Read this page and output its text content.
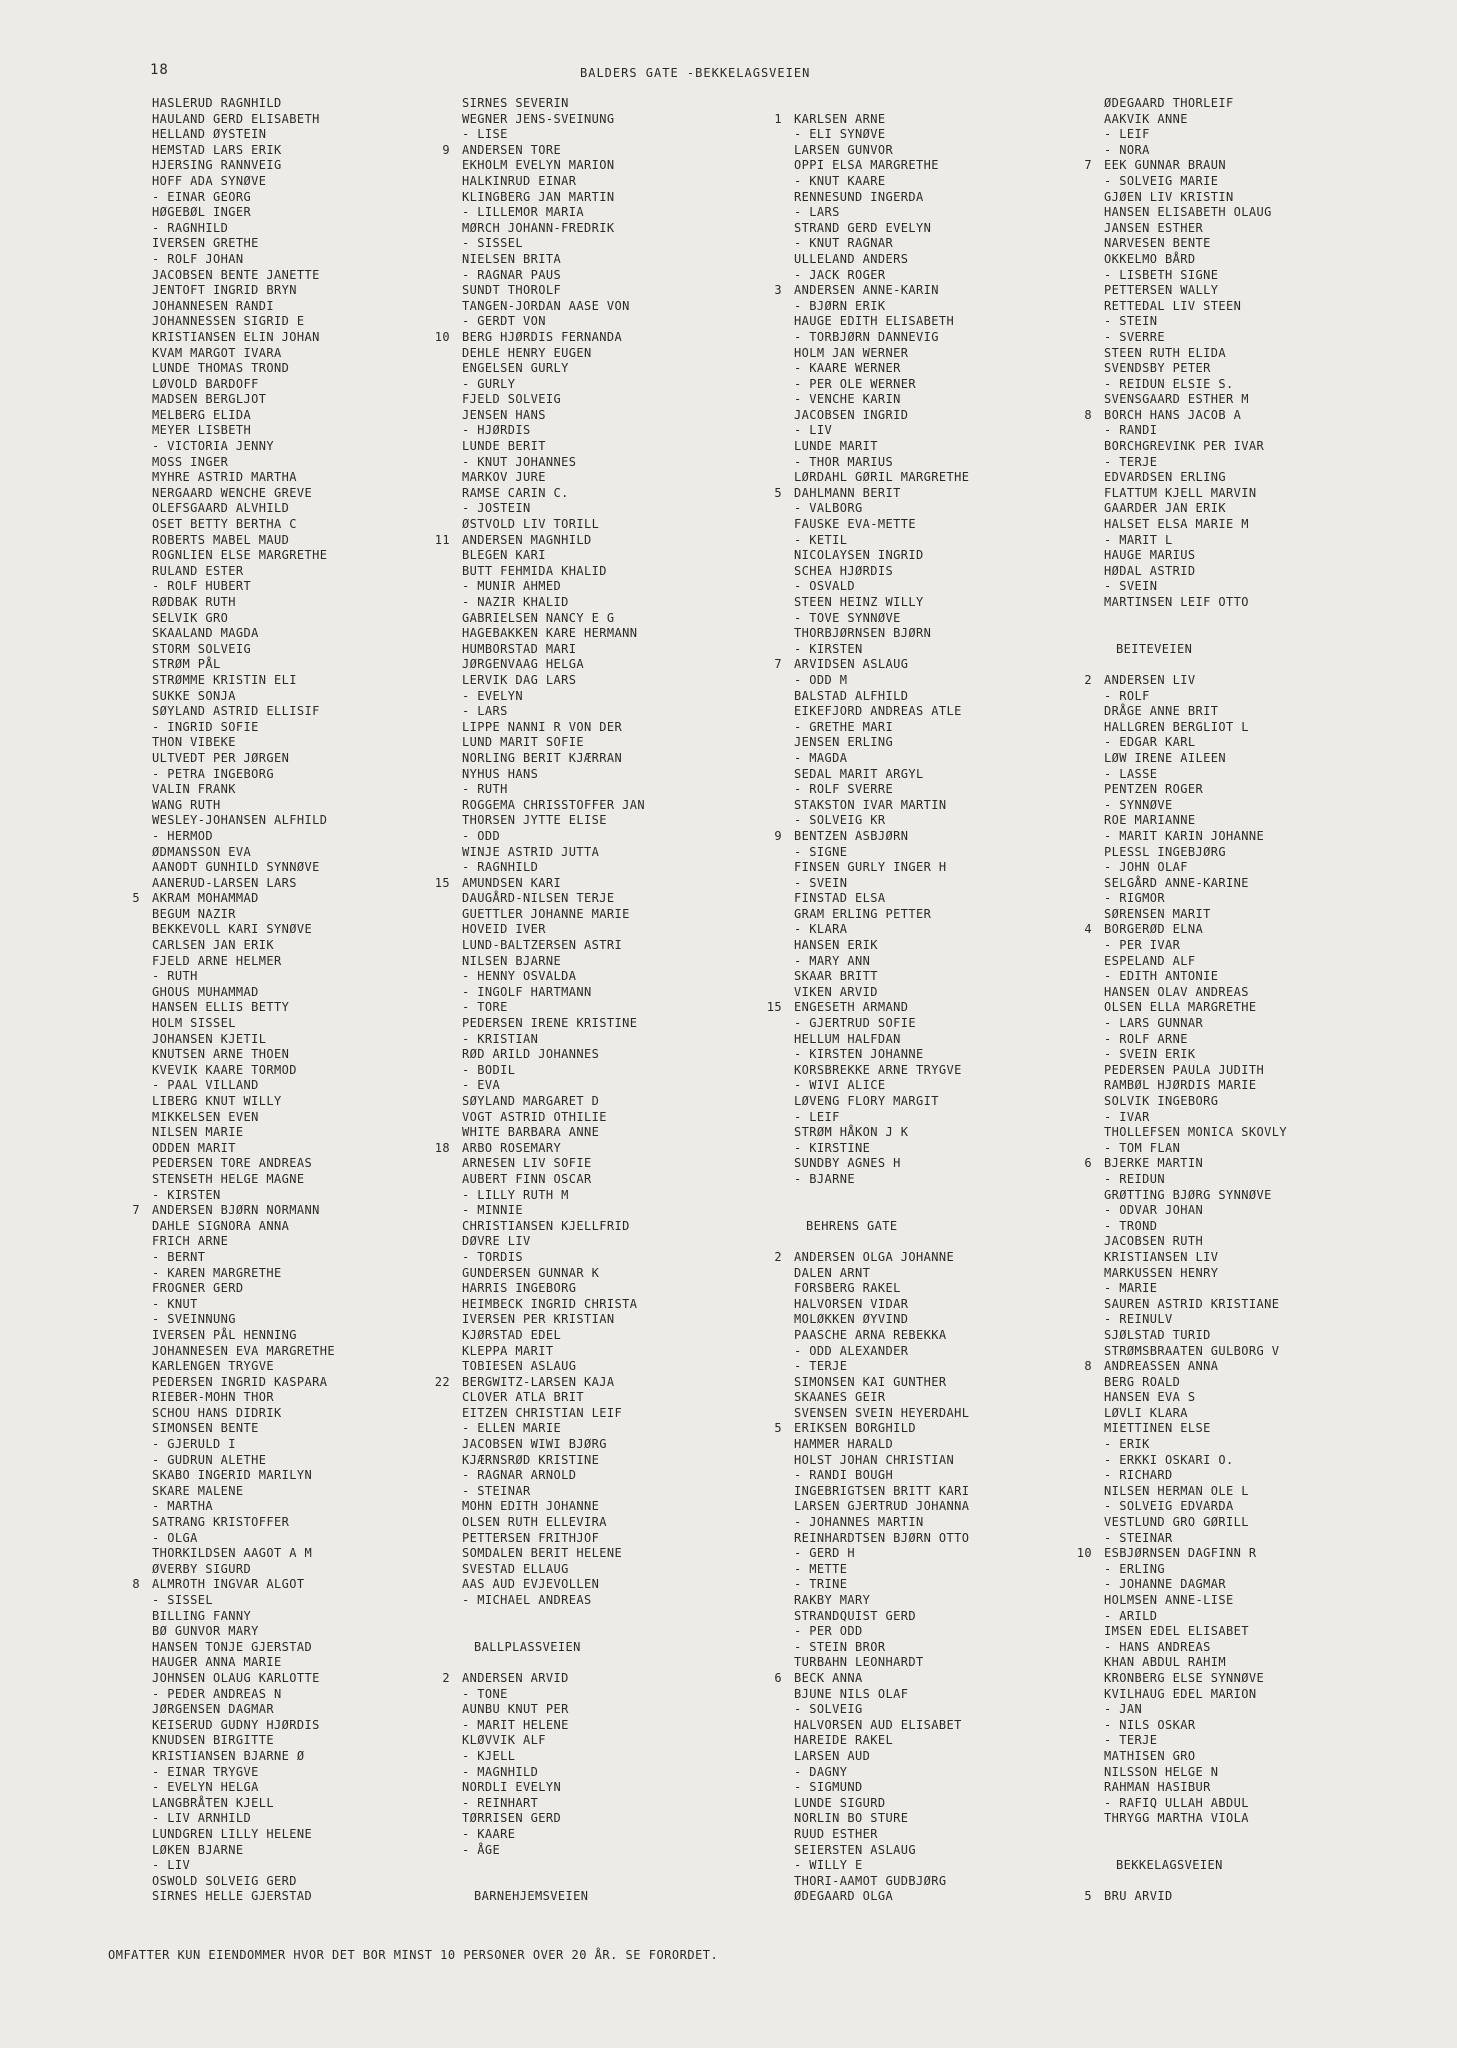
18	BALDERS GATE -BEKKELAGSVEIEN
HASLERUD RAGNHILD
HAULAND GERD ELISABETH
HELLAND ØYSTEIN
HEMSTAD LARS ERIK
HJERSING RANNVEIG
HOFF ADA SYNØVE
- EINAR GEORG
HØGEBØL INGER
- RAGNHILD
IVERSEN GRETHE
- ROLF JOHAN
JACOBSEN BENTE JANETTE
JENTOFT INGRID BRYN
JOHANNESEN RANDI
JOHANNESSEN SIGRID E
KRISTIANSEN ELIN JOHAN
KVAM MARGOT IVARA
LUNDE THOMAS TROND
LØVOLD BARDOFF
MADSEN BERGLJOT
MELBERG ELIDA
MEYER LISBETH
- VICTORIA JENNY
MOSS INGER
MYHRE ASTRID MARTHA
NERGAARD WENCHE GREVE
OLEFSGAARD ALVHILD
OSET BETTY BERTHA C
ROBERTS MABEL MAUD
ROGNLIEN ELSE MARGRETHE
RULAND ESTER
- ROLF HUBERT
RØDBAK RUTH
SELVIK GRO
SKAALAND MAGDA
STORM SOLVEIG
STRØM PÅL
STRØMME KRISTIN ELI
SUKKE SONJA
SØYLAND ASTRID ELLISIF
- INGRID SOFIE
THON VIBEKE
ULTVEDT PER JØRGEN
- PETRA INGEBORG
VALIN FRANK
WANG RUTH
WESLEY-JOHANSEN ALFHILD
- HERMOD
ØDMANSSON EVA
AANODT GUNHILD SYNNØVE
AANERUD-LARSEN LARS
5 AKRAM MOHAMMAD
BEGUM NAZIR
BEKKEVOLL KARI SYNØVE
CARLSEN JAN ERIK
FJELD ARNE HELMER
- RUTH
GHOUS MUHAMMAD
HANSEN ELLIS BETTY
HOLM SISSEL
JOHANSEN KJETIL
KNUTSEN ARNE THOEN
KVEVIK KAARE TORMOD
- PAAL VILLAND
LIBERG KNUT WILLY
MIKKELSEN EVEN
NILSEN MARIE
ODDEN MARIT
PEDERSEN TORE ANDREAS
STENSETH HELGE MAGNE
- KIRSTEN
7 ANDERSEN BJØRN NORMANN
DAHLE SIGNORA ANNA
FRICH ARNE
- BERNT
- KAREN MARGRETHE
FROGNER GERD
- KNUT
- SVEINNUNG
IVERSEN PÅL HENNING
JOHANNESEN EVA MARGRETHE
KARLENGEN TRYGVE
PEDERSEN INGRID KASPARA
RIEBER-MOHN THOR
SCHOU HANS DIDRIK
SIMONSEN BENTE
- GJERULD I
- GUDRUN ALETHE
SKABO INGERID MARILYN
SKARE MALENE
- MARTHA
SATRANG KRISTOFFER
- OLGA
THORKILDSEN AAGOT A M
ØVERBY SIGURD
8 ALMROTH INGVAR ALGOT
- SISSEL
BILLING FANNY
BØ GUNVOR MARY
HANSEN TONJE GJERSTAD
HAUGER ANNA MARIE
JOHNSEN OLAUG KARLOTTE
- PEDER ANDREAS N
JØRGENSEN DAGMAR
KEISERUD GUDNY HJØRDIS
KNUDSEN BIRGITTE
KRISTIANSEN BJARNE Ø
- EINAR TRYGVE
- EVELYN HELGA
LANGBRÅTEN KJELL
- LIV ARNHILD
LUNDGREN LILLY HELENE
LØKEN BJARNE
- LIV
OSWOLD SOLVEIG GERD
SIRNES HELLE GJERSTAD
SIRNES SEVERIN
WEGNER JENS-SVEINUNG
- LISE
9 ANDERSEN TORE
EKHOLM EVELYN MARION
HALKINRUD EINAR
KLINGBERG JAN MARTIN
- LILLEMOR MARIA
MØRCH JOHANN-FREDRIK
- SISSEL
NIELSEN BRITA
- RAGNAR PAUS
SUNDT THOROLF
TANGEN-JORDAN AASE VON
- GERDT VON
10 BERG HJØRDIS FERNANDA
DEHLE HENRY EUGEN
ENGELSEN GURLY
- GURLY
FJELD SOLVEIG
JENSEN HANS
- HJØRDIS
LUNDE BERIT
- KNUT JOHANNES
MARKOV JURE
RAMSE CARIN C.
- JOSTEIN
ØSTVOLD LIV TORILL
11 ANDERSEN MAGNHILD
BLEGEN KARI
BUTT FEHMIDA KHALID
- MUNIR AHMED
- NAZIR KHALID
GABRIELSEN NANCY E G
HAGEBAKKEN KARE HERMANN
HUMBORSTAD MARI
JØRGENVAAG HELGA
LERVIK DAG LARS
- EVELYN
- LARS
LIPPE NANNI R VON DER
LUND MARIT SOFIE
NORLING BERIT KJÆRRAN
NYHUS HANS
- RUTH
ROGGEMA CHRISSTOFFER JAN
THORSEN JYTTE ELISE
- ODD
WINJE ASTRID JUTTA
- RAGNHILD
15 AMUNDSEN KARI
DAUGÅRD-NILSEN TERJE
GUETTLER JOHANNE MARIE
HOVEID IVER
LUND-BALTZERSEN ASTRI
NILSEN BJARNE
- HENNY OSVALDA
- INGOLF HARTMANN
- TORE
PEDERSEN IRENE KRISTINE
- KRISTIAN
RØD ARILD JOHANNES
- BODIL
- EVA
SØYLAND MARGARET D
VOGT ASTRID OTHILIE
WHITE BARBARA ANNE
18 ARBO ROSEMARY
ARNESEN LIV SOFIE
AUBERT FINN OSCAR
- LILLY RUTH M
- MINNIE
CHRISTIANSEN KJELLFRID
DØVRE LIV
- TORDIS
GUNDERSEN GUNNAR K
HARRIS INGEBORG
HEIMBECK INGRID CHRISTA
IVERSEN PER KRISTIAN
KJØRSTAD EDEL
KLEPPA MARIT
TOBIESEN ASLAUG
22 BERGWITZ-LARSEN KAJA
CLOVER ATLA BRIT
EITZEN CHRISTIAN LEIF
- ELLEN MARIE
JACOBSEN WIWI BJØRG
KJÆRNSRØD KRISTINE
- RAGNAR ARNOLD
- STEINAR
MOHN EDITH JOHANNE
OLSEN RUTH ELLEVIRA
PETTERSEN FRITHJOF
SOMDALEN BERIT HELENE
SVESTAD ELLAUG
AAS AUD EVJEVOLLEN
- MICHAEL ANDREAS
BALLPLASSVEIEN
2 ANDERSEN ARVID
- TONE
AUNBU KNUT PER
- MARIT HELENE
KLØVVIK ALF
- KJELL
- MAGNHILD
NORDLI EVELYN
- REINHART
TØRRISEN GERD
- KAARE
- ÅGE
BARNEHJEMSVEIEN
1 KARLSEN ARNE
- ELI SYNØVE
LARSEN GUNVOR
OPPI ELSA MARGRETHE
- KNUT KAARE
RENNESUND INGERDA
- LARS
STRAND GERD EVELYN
- KNUT RAGNAR
ULLELAND ANDERS
- JACK ROGER
3 ANDERSEN ANNE-KARIN
- BJØRN ERIK
HAUGE EDITH ELISABETH
- TORBJØRN DANNEVIG
HOLM JAN WERNER
- KAARE WERNER
- PER OLE WERNER
- VENCHE KARIN
JACOBSEN INGRID
- LIV
LUNDE MARIT
- THOR MARIUS
LØRDAHL GØRIL MARGRETHE
5 DAHLMANN BERIT
- VALBORG
FAUSKE EVA-METTE
- KETIL
NICOLAYSEN INGRID
SCHEA HJØRDIS
- OSVALD
STEEN HEINZ WILLY
- TOVE SYNNØVE
THORBJØRNSEN BJØRN
- KIRSTEN
7 ARVIDSEN ASLAUG
- ODD M
BALSTAD ALFHILD
EIKEFJORD ANDREAS ATLE
- GRETHE MARI
JENSEN ERLING
- MAGDA
SEDAL MARIT ARGYL
- ROLF SVERRE
STAKSTON IVAR MARTIN
- SOLVEIG KR
9 BENTZEN ASBJØRN
- SIGNE
FINSEN GURLY INGER H
- SVEIN
FINSTAD ELSA
GRAM ERLING PETTER
- KLARA
HANSEN ERIK
- MARY ANN
SKAAR BRITT
VIKEN ARVID
15 ENGESETH ARMAND
- GJERTRUD SOFIE
HELLUM HALFDAN
- KIRSTEN JOHANNE
KORSBREKKE ARNE TRYGVE
- WIVI ALICE
LØVENG FLORY MARGIT
- LEIF
STRØM HÅKON J K
- KIRSTINE
SUNDBY AGNES H
- BJARNE
BEHRENS GATE
2 ANDERSEN OLGA JOHANNE
DALEN ARNT
FORSBERG RAKEL
HALVORSEN VIDAR
MOLØKKEN ØYVIND
PAASCHE ARNA REBEKKA
- ODD ALEXANDER
- TERJE
SIMONSEN KAI GUNTHER
SKAANES GEIR
SVENSEN SVEIN HEYERDAHL
5 ERIKSEN BORGHILD
HAMMER HARALD
HOLST JOHAN CHRISTIAN
- RANDI BOUGH
INGEBRIGTSEN BRITT KARI
LARSEN GJERTRUD JOHANNA
- JOHANNES MARTIN
REINHARDTSEN BJØRN OTTO
- GERD H
- METTE
- TRINE
RAKBY MARY
STRANDQUIST GERD
- PER ODD
- STEIN BROR
TURBAHN LEONHARDT
6 BECK ANNA
BJUNE NILS OLAF
- SOLVEIG
HALVORSEN AUD ELISABET
HAREIDE RAKEL
LARSEN AUD
- DAGNY
- SIGMUND
LUNDE SIGURD
NORLIN BO STURE
RUUD ESTHER
SEIERSTEN ASLAUG
- WILLY E
THORI-AAMOT GUDBJØRG
ØDEGAARD OLGA
ØDEGAARD THORLEIF
AAKVIK ANNE
- LEIF
- NORA
7 EEK GUNNAR BRAUN
- SOLVEIG MARIE
GJØEN LIV KRISTIN
HANSEN ELISABETH OLAUG
JANSEN ESTHER
NARVESEN BENTE
OKKELMO BÅRD
- LISBETH SIGNE
PETTERSEN WALLY
RETTEDAL LIV STEEN
- STEIN
- SVERRE
STEEN RUTH ELIDA
SVENDSBY PETER
- REIDUN ELSIE S.
SVENSGAARD ESTHER M
8 BORCH HANS JACOB A
- RANDI
BORCHGREVINK PER IVAR
- TERJE
EDVARDSEN ERLING
FLATTUM KJELL MARVIN
GAARDER JAN ERIK
HALSET ELSA MARIE M
- MARIT L
HAUGE MARIUS
HØDAL ASTRID
- SVEIN
MARTINSEN LEIF OTTO
BEITEVEIEN
2 ANDERSEN LIV
- ROLF
DRÅGE ANNE BRIT
HALLGREN BERGLIOT L
- EDGAR KARL
LØW IRENE AILEEN
- LASSE
PENTZEN ROGER
- SYNNØVE
ROE MARIANNE
- MARIT KARIN JOHANNE
PLESSL INGEBJØRG
- JOHN OLAF
SELGÅRD ANNE-KARINE
- RIGMOR
SØRENSEN MARIT
4 BORGERØD ELNA
- PER IVAR
ESPELAND ALF
- EDITH ANTONIE
HANSEN OLAV ANDREAS
OLSEN ELLA MARGRETHE
- LARS GUNNAR
- ROLF ARNE
- SVEIN ERIK
PEDERSEN PAULA JUDITH
RAMBØL HJØRDIS MARIE
SOLVIK INGEBORG
- IVAR
THOLLEFSEN MONICA SKOVLY
- TOM FLAN
6 BJERKE MARTIN
- REIDUN
GRØTTING BJØRG SYNNØVE
- ODVAR JOHAN
- TROND
JACOBSEN RUTH
KRISTIANSEN LIV
MARKUSSEN HENRY
- MARIE
SAUREN ASTRID KRISTIANE
- REINULV
SJØLSTAD TURID
STRØMSBRAATEN GULBORG V
8 ANDREASSEN ANNA
BERG ROALD
HANSEN EVA S
LØVLI KLARA
MIETTINEN ELSE
- ERIK
- ERKKI OSKARI O.
- RICHARD
NILSEN HERMAN OLE L
- SOLVEIG EDVARDA
VESTLUND GRO GØRILL
- STEINAR
10 ESBJØRNSEN DAGFINN R
- ERLING
- JOHANNE DAGMAR
HOLMSEN ANNE-LISE
- ARILD
IMSEN EDEL ELISABET
- HANS ANDREAS
KHAN ABDUL RAHIM
KRONBERG ELSE SYNNØVE
KVILHAUG EDEL MARION
- JAN
- NILS OSKAR
- TERJE
MATHISEN GRO
NILSSON HELGE N
RAHMAN HASIBUR
- RAFIQ ULLAH ABDUL
THRYGG MARTHA VIOLA
BEKKELAGSVEIEN
5 BRU ARVID
OMFATTER KUN EIENDOMMER HVOR DET BOR MINST 10 PERSONER OVER 20 ÅR. SE FORORDET.
